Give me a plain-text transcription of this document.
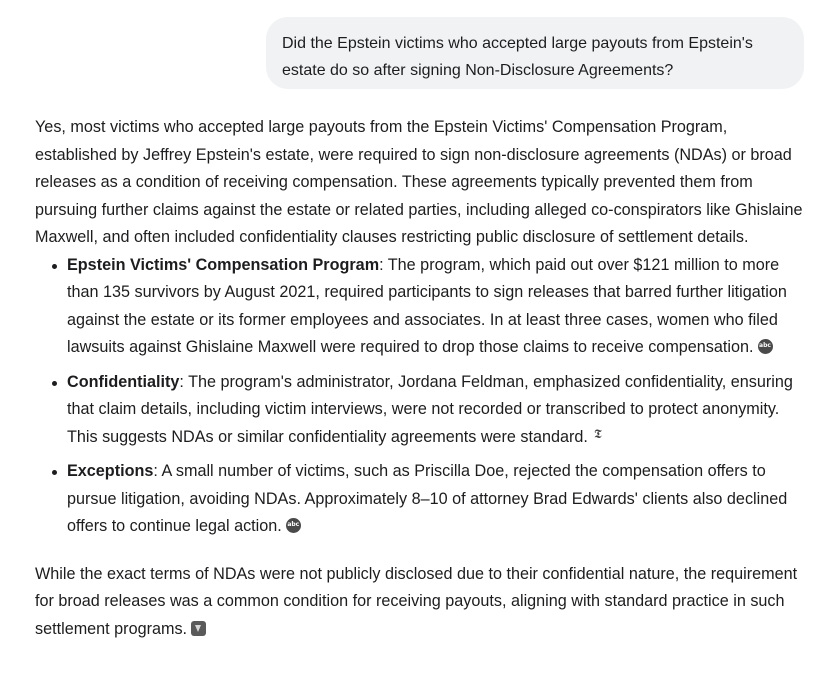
Did the Epstein victims who accepted large payouts from Epstein's estate do so after signing Non-Disclosure Agreements?

Yes, most victims who accepted large payouts from the Epstein Victims' Compensation Program, established by Jeffrey Epstein's estate, were required to sign non-disclosure agreements (NDAs) or broad releases as a condition of receiving compensation. These agreements typically prevented them from pursuing further claims against the estate or related parties, including alleged co-conspirators like Ghislaine Maxwell, and often included confidentiality clauses restricting public disclosure of settlement details.

Epstein Victims' Compensation Program: The program, which paid out over $121 million to more than 135 survivors by August 2021, required participants to sign releases that barred further litigation against the estate or its former employees and associates. In at least three cases, women who filed lawsuits against Ghislaine Maxwell were required to drop those claims to receive compensation.abc
Confidentiality: The program's administrator, Jordana Feldman, emphasized confidentiality, ensuring that claim details, including victim interviews, were not recorded or transcribed to protect anonymity. This suggests NDAs or similar confidentiality agreements were standard.𝕿
Exceptions: A small number of victims, such as Priscilla Doe, rejected the compensation offers to pursue litigation, avoiding NDAs. Approximately 8–10 of attorney Brad Edwards' clients also declined offers to continue legal action.abc

While the exact terms of NDAs were not publicly disclosed due to their confidential nature, the requirement for broad releases was a common condition for receiving payouts, aligning with standard practice in such settlement programs.
